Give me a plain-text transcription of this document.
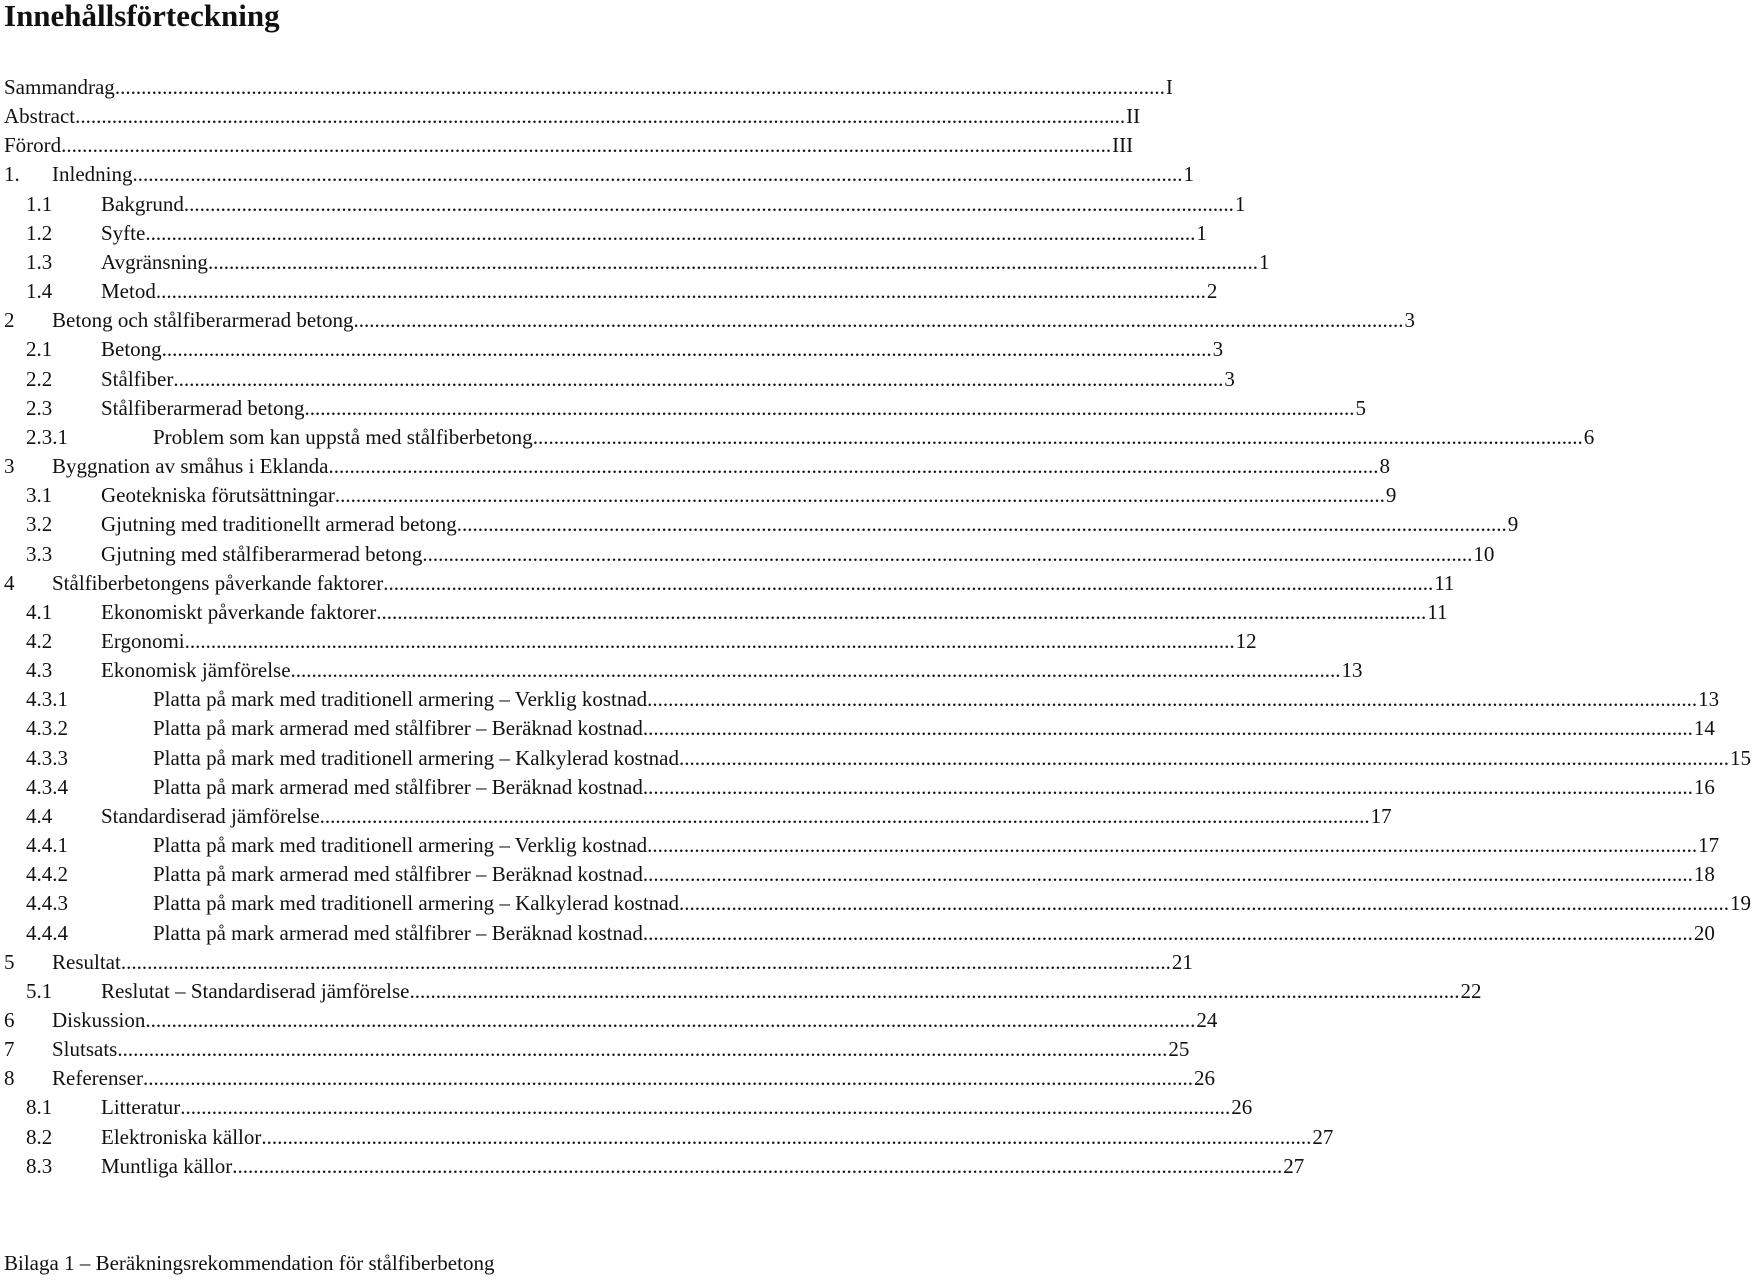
Innehållsförteckning
Sammandrag ........................................................................................................................................................................................................ I
Abstract ........................................................................................................................................................................................................ II
Förord ........................................................................................................................................................................................................ III
Inledning ........................................................................................................................................................................................................ 1
1.
Bakgrund ........................................................................................................................................................................................................ 1
1.1
Syfte ........................................................................................................................................................................................................ 1
1.2
Avgränsning ........................................................................................................................................................................................................ 1
1.3
Metod ........................................................................................................................................................................................................ 2
1.4
Betong och stålfiberarmerad betong ........................................................................................................................................................................................................ 3
2
Betong ........................................................................................................................................................................................................ 3
2.1
Stålfiber ........................................................................................................................................................................................................ 3
2.2
Stålfiberarmerad betong ........................................................................................................................................................................................................ 5
2.3
Problem som kan uppstå med stålfiberbetong ........................................................................................................................................................................................................ 6
2.3.1
Byggnation av småhus i Eklanda ........................................................................................................................................................................................................ 8
3
Geotekniska förutsättningar ........................................................................................................................................................................................................ 9
3.1
Gjutning med traditionellt armerad betong ........................................................................................................................................................................................................ 9
3.2
Gjutning med stålfiberarmerad betong ........................................................................................................................................................................................................ 10
3.3
Stålfiberbetongens påverkande faktorer ........................................................................................................................................................................................................ 11
4
Ekonomiskt påverkande faktorer ........................................................................................................................................................................................................ 11
4.1
Ergonomi ........................................................................................................................................................................................................ 12
4.2
Ekonomisk jämförelse ........................................................................................................................................................................................................ 13
4.3
Platta på mark med traditionell armering – Verklig kostnad ........................................................................................................................................................................................................ 13
4.3.1
Platta på mark armerad med stålfibrer – Beräknad kostnad ........................................................................................................................................................................................................ 14
4.3.2
Platta på mark med traditionell armering – Kalkylerad kostnad ........................................................................................................................................................................................................ 15
4.3.3
Platta på mark armerad med stålfibrer – Beräknad kostnad ........................................................................................................................................................................................................ 16
4.3.4
Standardiserad jämförelse ........................................................................................................................................................................................................ 17
4.4
Platta på mark med traditionell armering – Verklig kostnad ........................................................................................................................................................................................................ 17
4.4.1
Platta på mark armerad med stålfibrer – Beräknad kostnad ........................................................................................................................................................................................................ 18
4.4.2
Platta på mark med traditionell armering – Kalkylerad kostnad ........................................................................................................................................................................................................ 19
4.4.3
Platta på mark armerad med stålfibrer – Beräknad kostnad ........................................................................................................................................................................................................ 20
4.4.4
Resultat ........................................................................................................................................................................................................ 21
5
Reslutat – Standardiserad jämförelse ........................................................................................................................................................................................................ 22
5.1
Diskussion ........................................................................................................................................................................................................ 24
6
Slutsats ........................................................................................................................................................................................................ 25
7
Referenser ........................................................................................................................................................................................................ 26
8
Litteratur ........................................................................................................................................................................................................ 26
8.1
Elektroniska källor ........................................................................................................................................................................................................ 27
8.2
Muntliga källor ........................................................................................................................................................................................................ 27
8.3
Bilaga 1 – Beräkningsrekommendation för stålfiberbetong
